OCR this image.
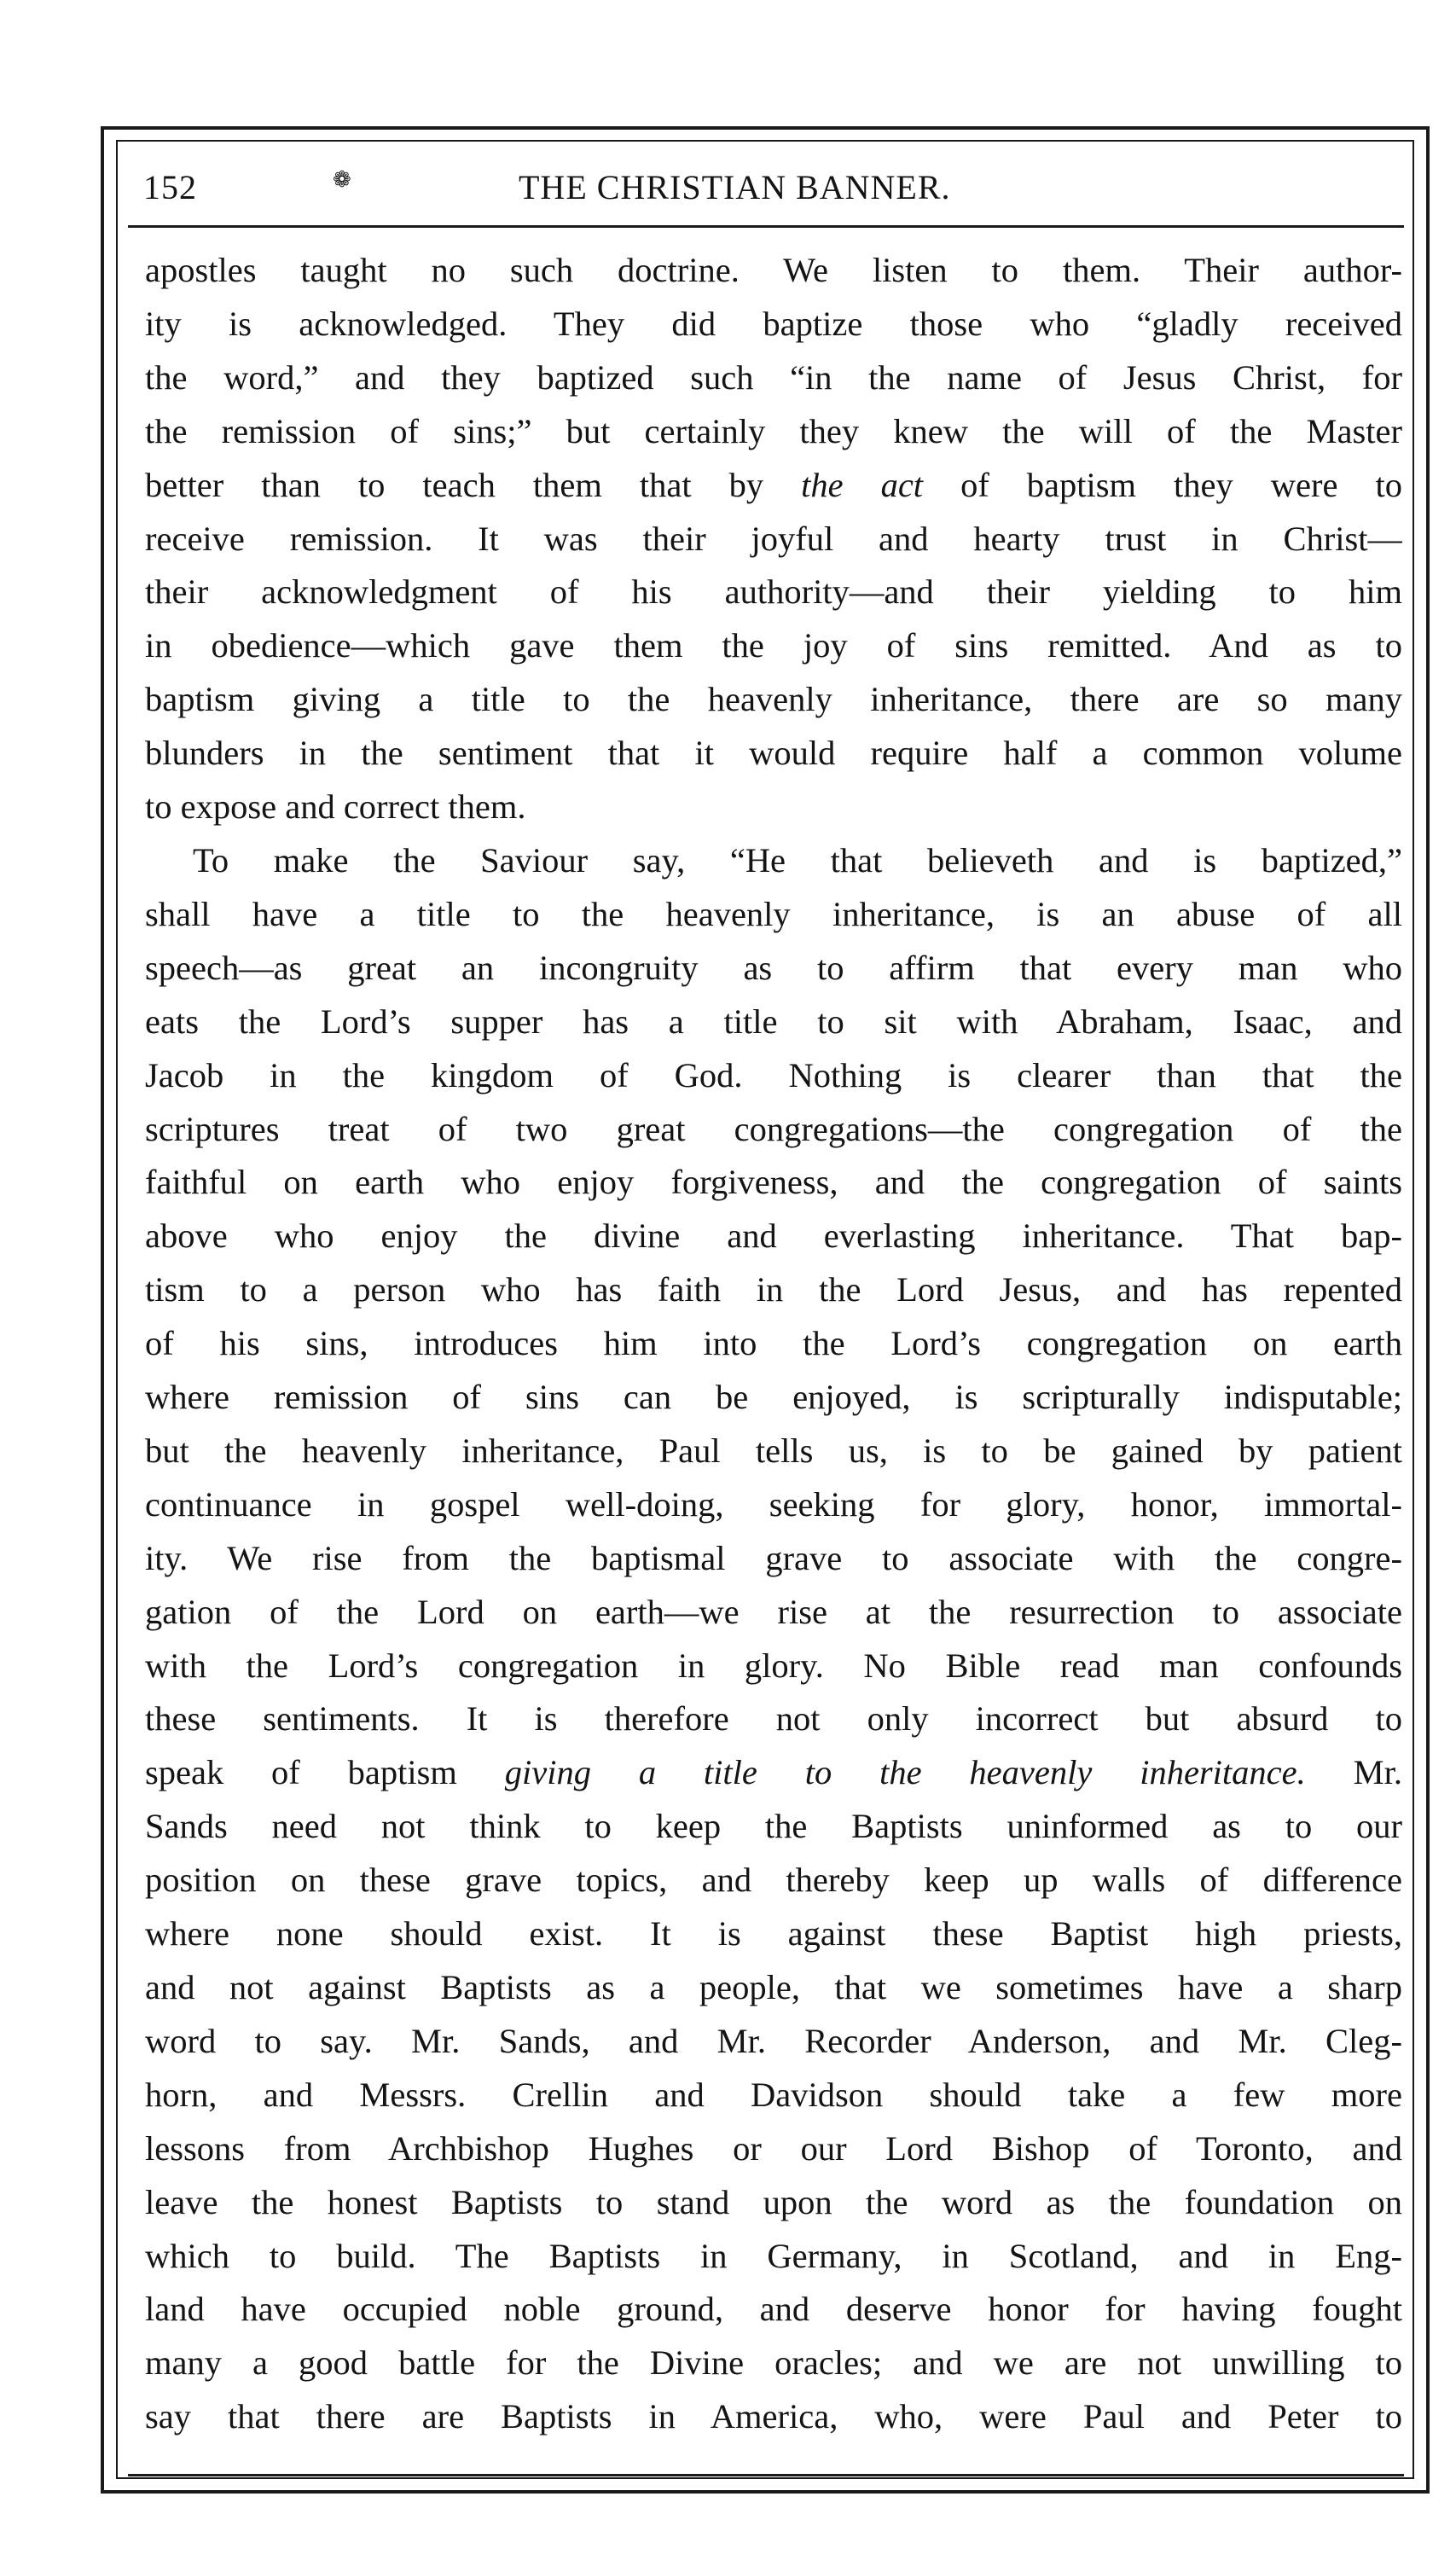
152	❁	THE CHRISTIAN BANNER.
apostles taught no such doctrine. We listen to them. Their author-
ity is acknowledged. They did baptize those who “gladly received
the word,” and they baptized such “in the name of Jesus Christ, for
the remission of sins;” but certainly they knew the will of the Master
better than to teach them that by the act of baptism they were to
receive remission. It was their joyful and hearty trust in Christ—
their acknowledgment of his authority—and their yielding to him
in obedience—which gave them the joy of sins remitted. And as to
baptism giving a title to the heavenly inheritance, there are so many
blunders in the sentiment that it would require half a common volume
to expose and correct them.
To make the Saviour say, “He that believeth and is baptized,”
shall have a title to the heavenly inheritance, is an abuse of all
speech—as great an incongruity as to affirm that every man who
eats the Lord’s supper has a title to sit with Abraham, Isaac, and
Jacob in the kingdom of God. Nothing is clearer than that the
scriptures treat of two great congregations—the congregation of the
faithful on earth who enjoy forgiveness, and the congregation of saints
above who enjoy the divine and everlasting inheritance. That bap-
tism to a person who has faith in the Lord Jesus, and has repented
of his sins, introduces him into the Lord’s congregation on earth
where remission of sins can be enjoyed, is scripturally indisputable;
but the heavenly inheritance, Paul tells us, is to be gained by patient
continuance in gospel well-doing, seeking for glory, honor, immortal-
ity. We rise from the baptismal grave to associate with the congre-
gation of the Lord on earth—we rise at the resurrection to associate
with the Lord’s congregation in glory. No Bible read man confounds
these sentiments. It is therefore not only incorrect but absurd to
speak of baptism giving a title to the heavenly inheritance. Mr.
Sands need not think to keep the Baptists uninformed as to our
position on these grave topics, and thereby keep up walls of difference
where none should exist. It is against these Baptist high priests,
and not against Baptists as a people, that we sometimes have a sharp
word to say. Mr. Sands, and Mr. Recorder Anderson, and Mr. Cleg-
horn, and Messrs. Crellin and Davidson should take a few more
lessons from Archbishop Hughes or our Lord Bishop of Toronto, and
leave the honest Baptists to stand upon the word as the foundation on
which to build. The Baptists in Germany, in Scotland, and in Eng-
land have occupied noble ground, and deserve honor for having fought
many a good battle for the Divine oracles; and we are not unwilling to
say that there are Baptists in America, who, were Paul and Peter to
